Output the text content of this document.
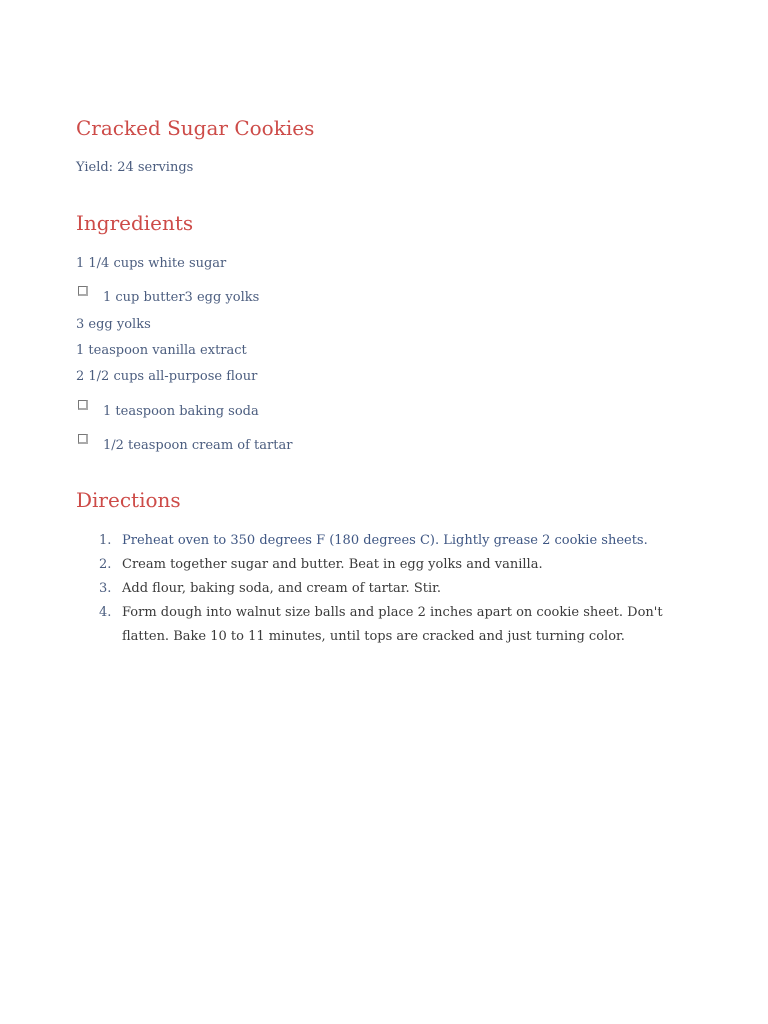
Cracked Sugar Cookies

Yield: 24 servings

Ingredients
1 1/4 cups white sugar
1 cup butter3 egg yolks
3 egg yolks
1 teaspoon vanilla extract
2 1/2 cups all-purpose flour
1 teaspoon baking soda
1/2 teaspoon cream of tartar
Directions
1. Preheat oven to 350 degrees F (180 degrees C). Lightly grease 2 cookie sheets.
2. Cream together sugar and butter. Beat in egg yolks and vanilla.
3. Add flour, baking soda, and cream of tartar. Stir.
4. Form dough into walnut size balls and place 2 inches apart on cookie sheet. Don't flatten. Bake 10 to 11 minutes, until tops are cracked and just turning color.
